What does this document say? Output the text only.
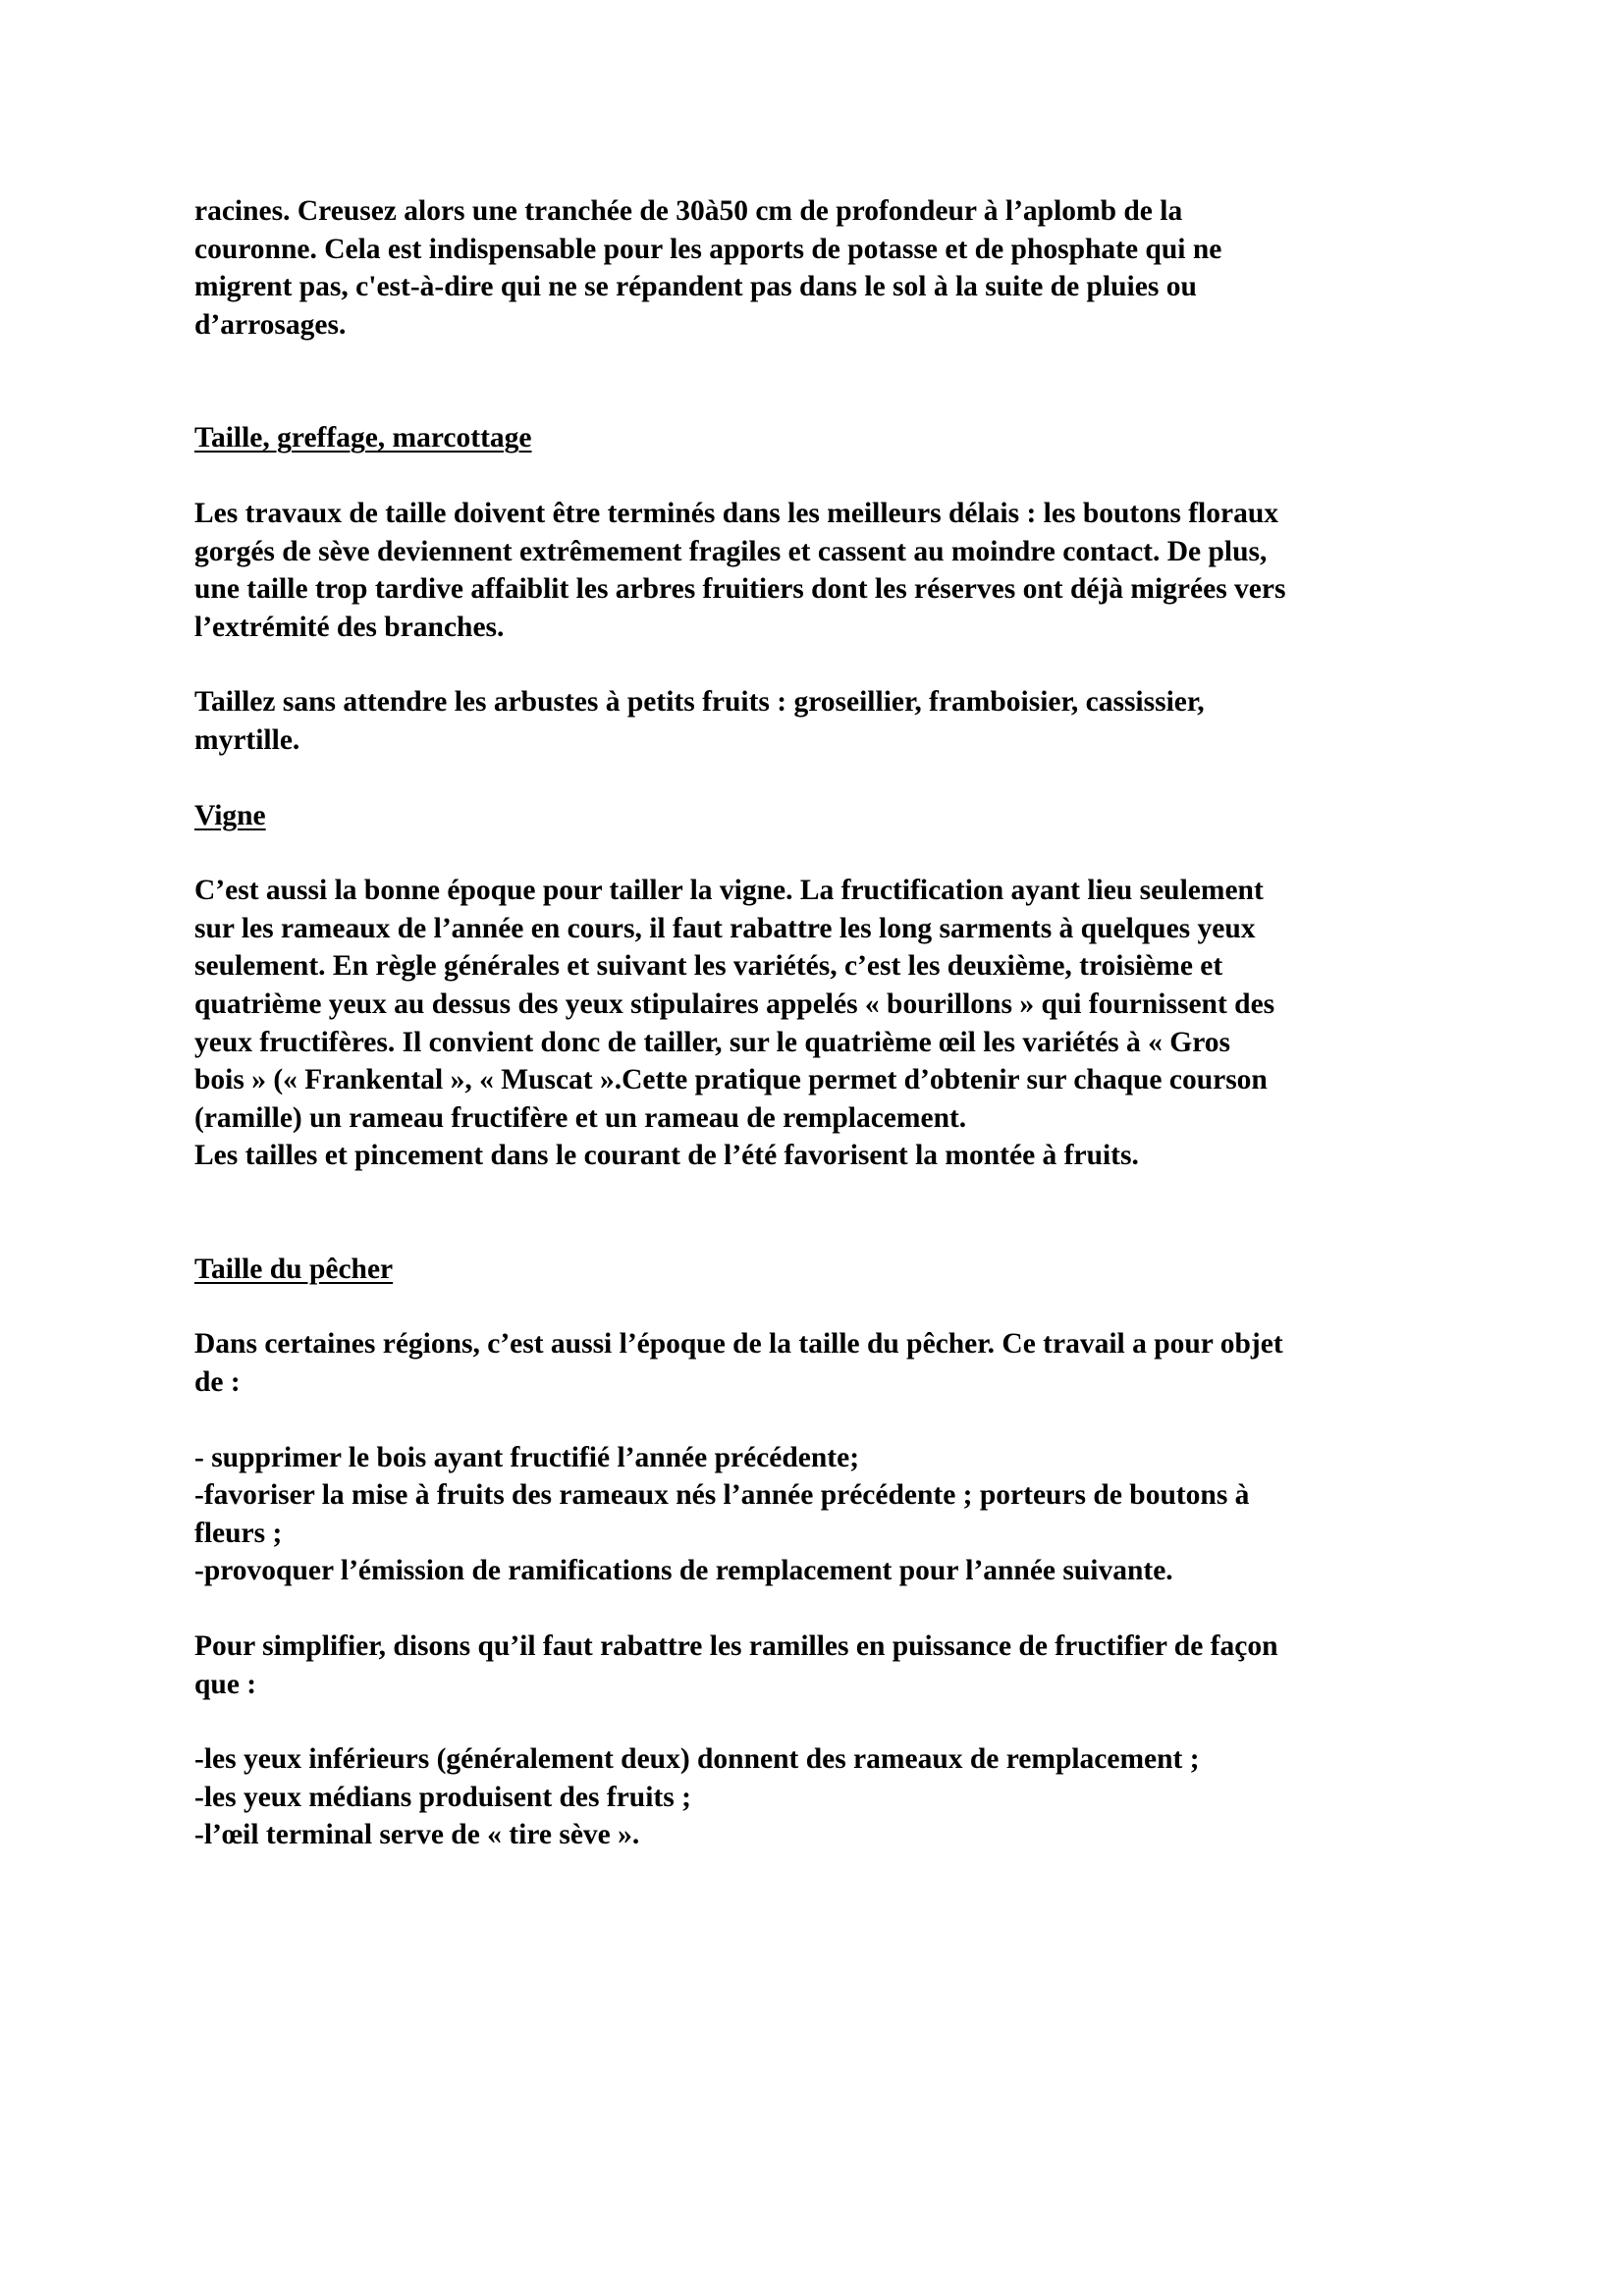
racines. Creusez alors une tranchée de 30à50 cm de profondeur à l’aplomb de la
couronne. Cela est indispensable pour les apports de potasse et de phosphate qui ne
migrent pas, c'est-à-dire qui ne se répandent pas dans le sol à la suite de pluies ou
d’arrosages.
Taille, greffage, marcottage
Les travaux de taille doivent être terminés dans les meilleurs délais : les boutons floraux
gorgés de sève deviennent extrêmement fragiles et cassent au moindre contact. De plus,
une taille trop tardive affaiblit les arbres fruitiers dont les réserves ont déjà migrées vers
l’extrémité des branches.
Taillez sans attendre les arbustes à petits fruits : groseillier, framboisier, cassissier,
myrtille.
Vigne
C’est aussi la bonne époque pour tailler la vigne. La fructification ayant lieu seulement
sur les rameaux de l’année en cours, il faut rabattre les long sarments à quelques yeux
seulement. En règle générales et suivant les variétés, c’est les deuxième, troisième et
quatrième yeux au dessus des yeux stipulaires appelés « bourillons » qui fournissent des
yeux fructifères. Il convient donc de tailler, sur le quatrième œil les variétés à « Gros
bois » (« Frankental », « Muscat ».Cette pratique permet d’obtenir sur chaque courson
(ramille) un rameau fructifère et un rameau de remplacement.
Les tailles et pincement dans le courant de l’été favorisent la montée à fruits.
Taille du pêcher
Dans certaines régions, c’est aussi l’époque de la taille du pêcher. Ce travail a pour objet
de :
- supprimer le bois ayant fructifié l’année précédente;
-favoriser la mise à fruits des rameaux nés l’année précédente ; porteurs de boutons à
fleurs ;
-provoquer l’émission de ramifications de remplacement pour l’année suivante.
Pour simplifier, disons qu’il faut rabattre les ramilles en puissance de fructifier de façon
que :
-les yeux inférieurs (généralement deux) donnent des rameaux de remplacement ;
-les yeux médians produisent des fruits ;
-l’œil terminal serve de « tire sève ».
